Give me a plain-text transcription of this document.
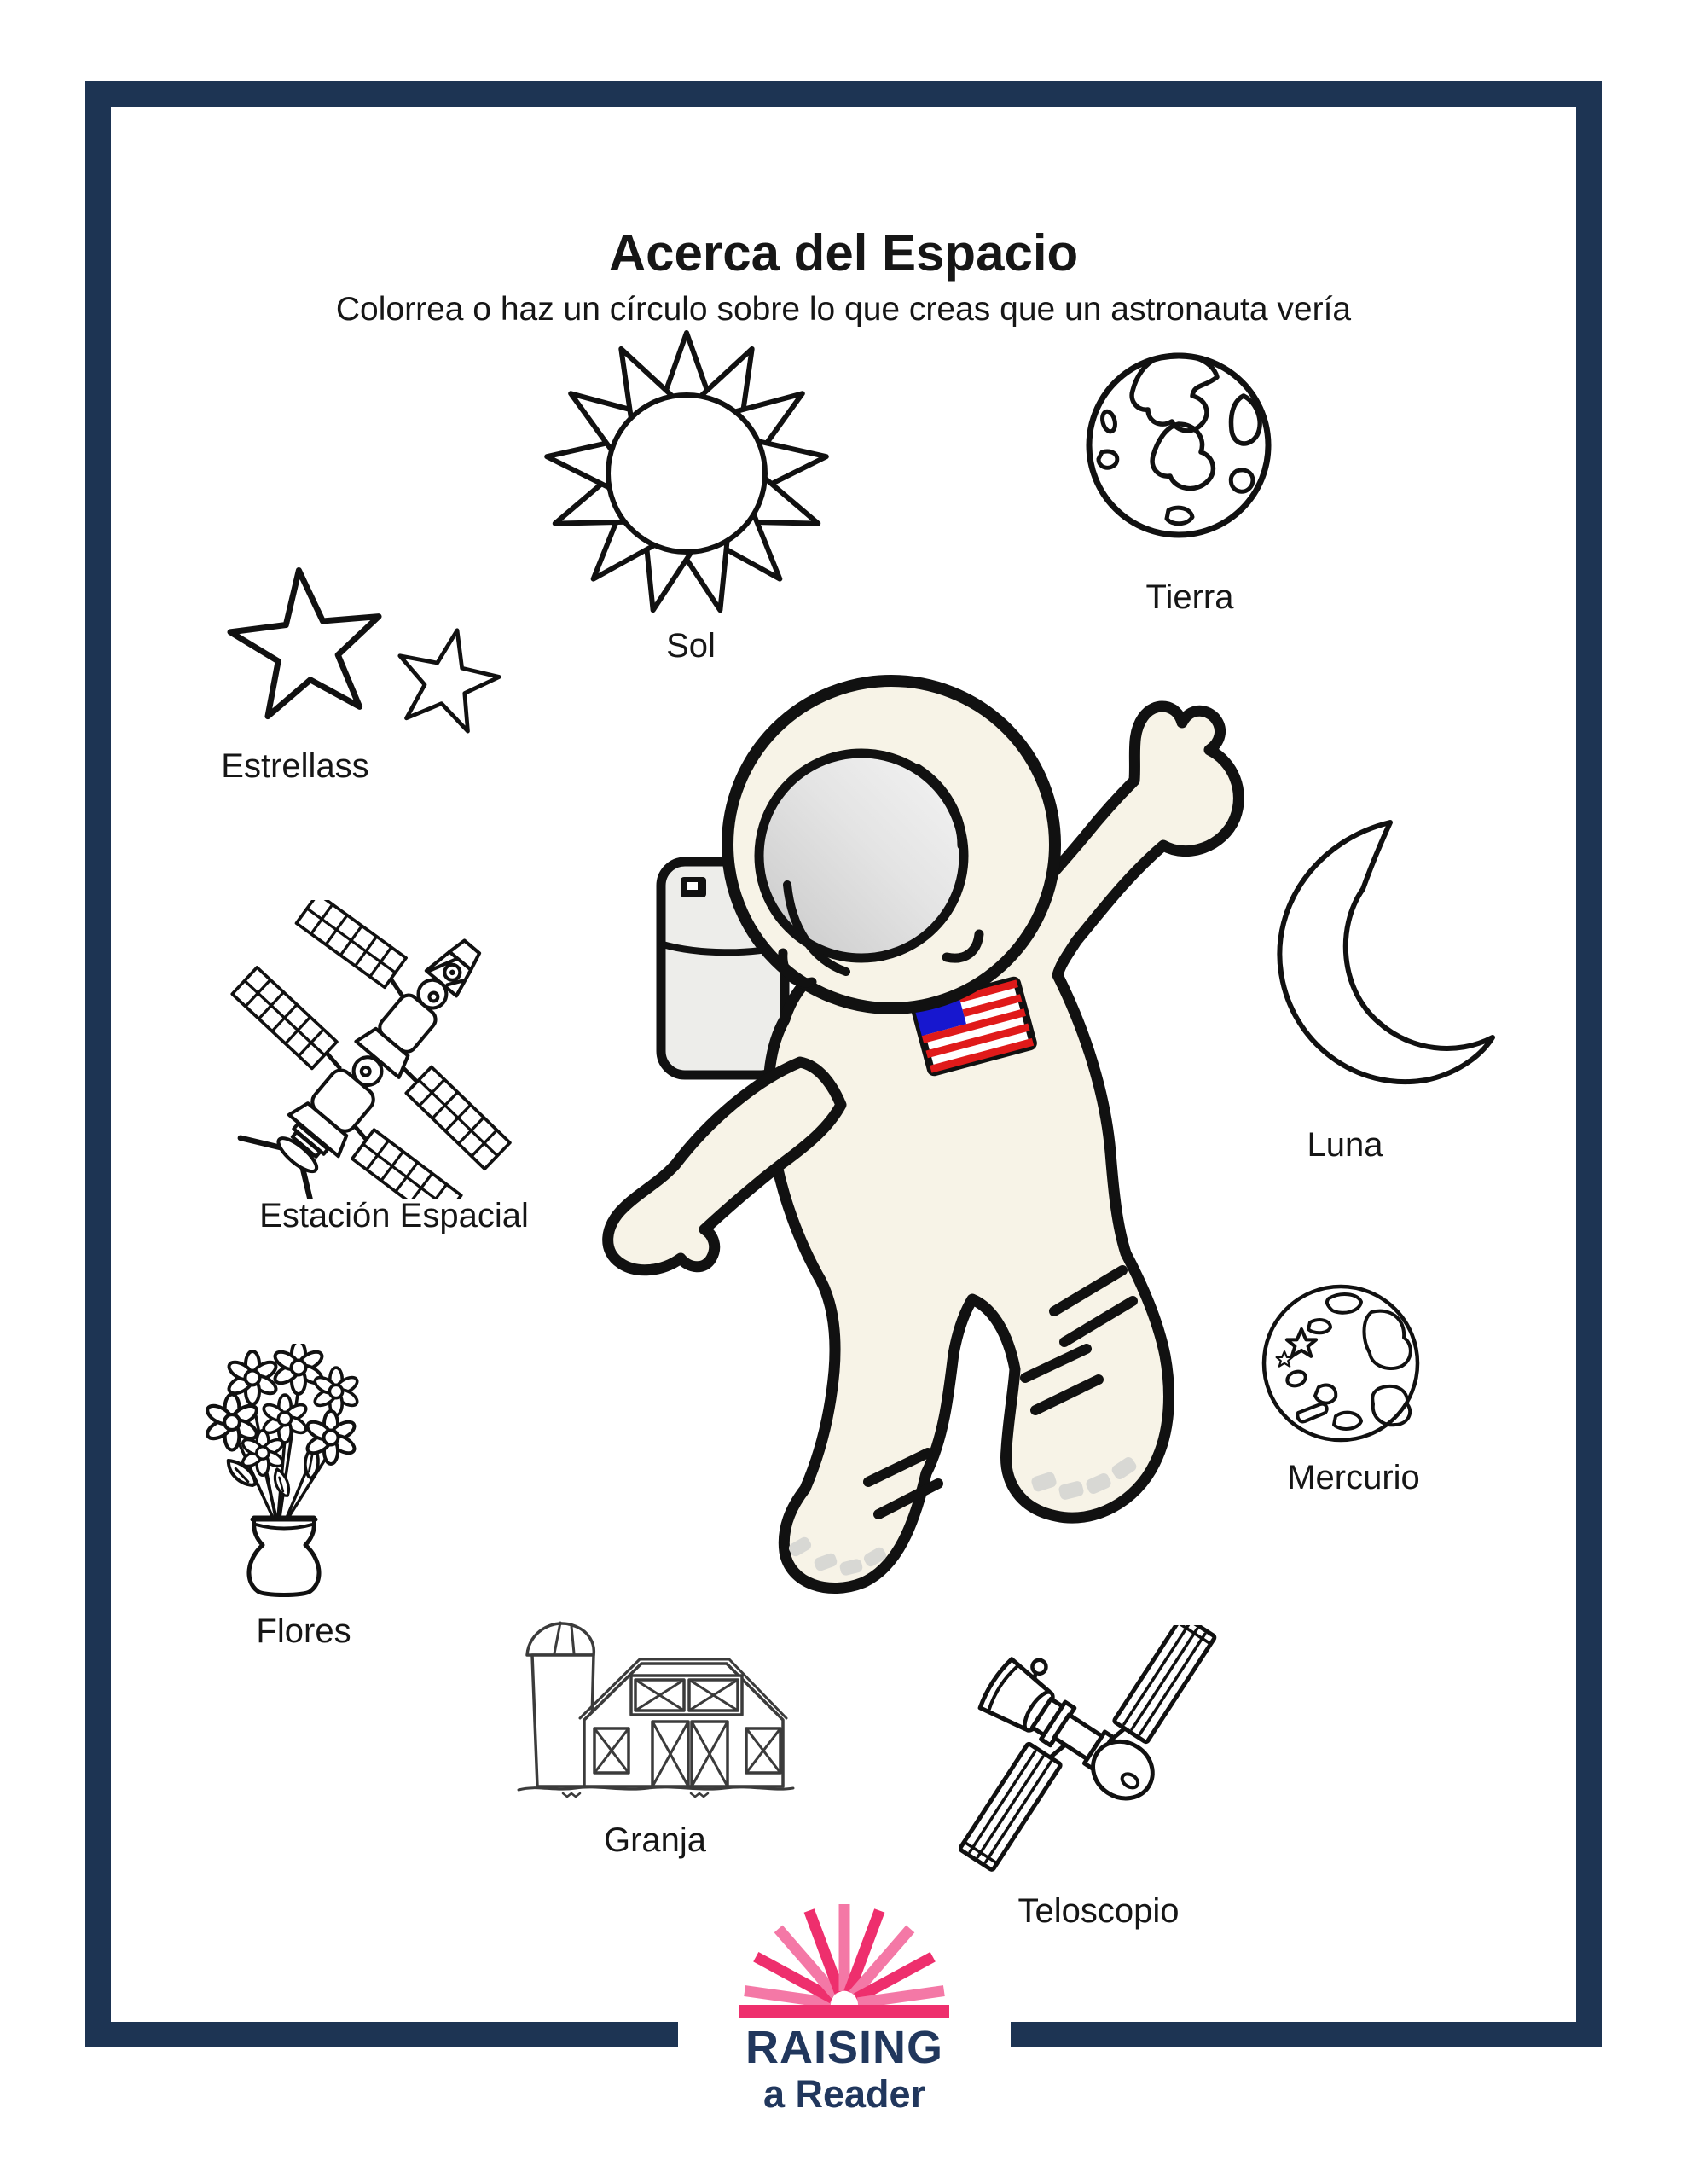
Acerca del Espacio

Colorrea o haz un círculo sobre lo que creas que un astronauta vería

Sol
Tierra
Estrellass
Estación Espacial
Luna
Mercurio
Flores
Granja
Teloscopio
RAISING
a Reader
